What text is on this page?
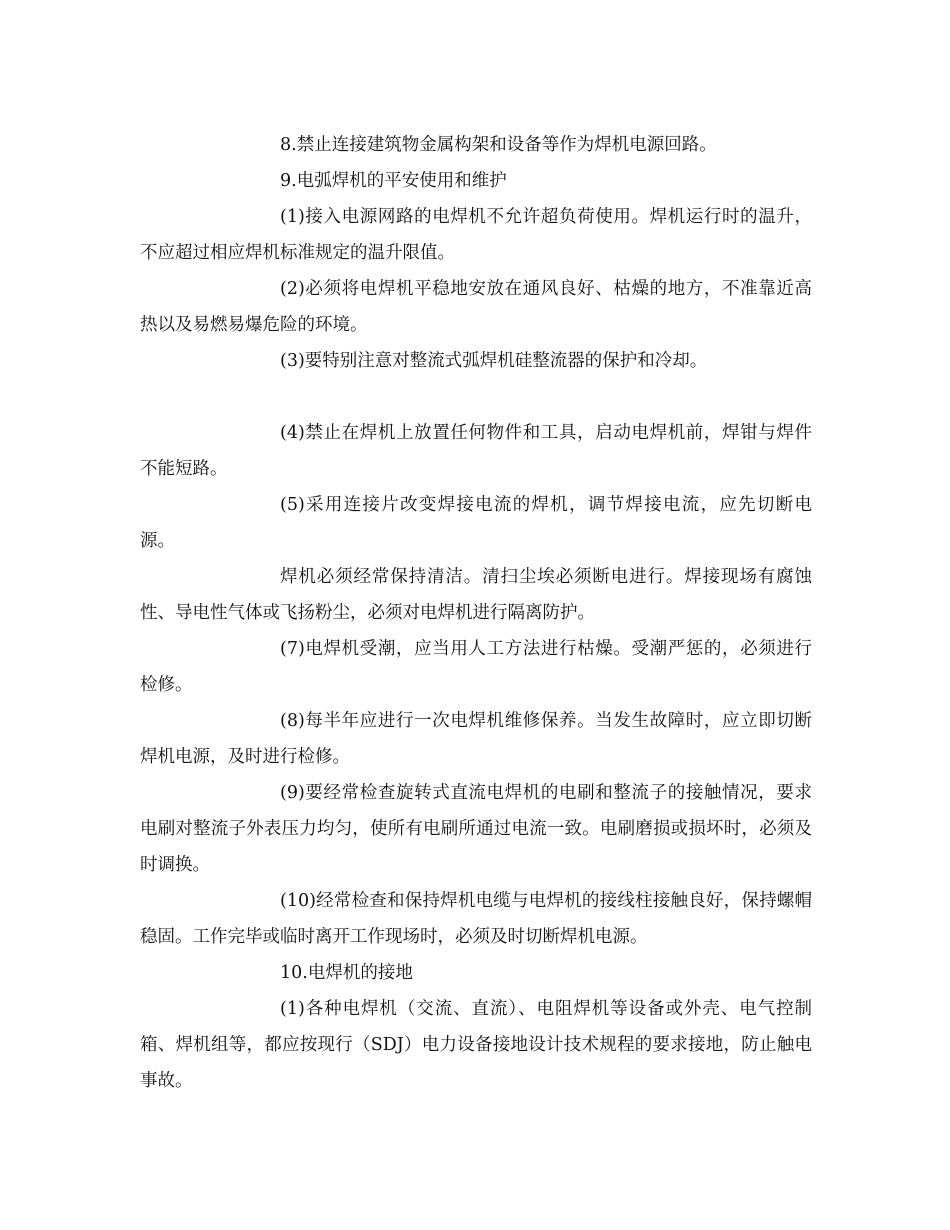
8.禁止连接建筑物金属构架和设备等作为焊机电源回路。

9.电弧焊机的平安使用和维护

(1)接入电源网路的电焊机不允许超负荷使用。焊机运行时的温升，不应超过相应焊机标准规定的温升限值。

(2)必须将电焊机平稳地安放在通风良好、枯燥的地方，不准靠近高热以及易燃易爆危险的环境。

(3)要特别注意对整流式弧焊机硅整流器的保护和冷却。

(4)禁止在焊机上放置任何物件和工具，启动电焊机前，焊钳与焊件不能短路。

(5)采用连接片改变焊接电流的焊机，调节焊接电流，应先切断电源。

焊机必须经常保持清洁。清扫尘埃必须断电进行。焊接现场有腐蚀性、导电性气体或飞扬粉尘，必须对电焊机进行隔离防护。

(7)电焊机受潮，应当用人工方法进行枯燥。受潮严惩的，必须进行检修。

(8)每半年应进行一次电焊机维修保养。当发生故障时，应立即切断焊机电源，及时进行检修。

(9)要经常检查旋转式直流电焊机的电刷和整流子的接触情况，要求电刷对整流子外表压力均匀，使所有电刷所通过电流一致。电刷磨损或损坏时，必须及时调换。

(10)经常检查和保持焊机电缆与电焊机的接线柱接触良好，保持螺帽稳固。工作完毕或临时离开工作现场时，必须及时切断焊机电源。

10.电焊机的接地

(1)各种电焊机（交流、直流）、电阻焊机等设备或外壳、电气控制箱、焊机组等，都应按现行（SDJ）电力设备接地设计技术规程的要求接地，防止触电事故。
